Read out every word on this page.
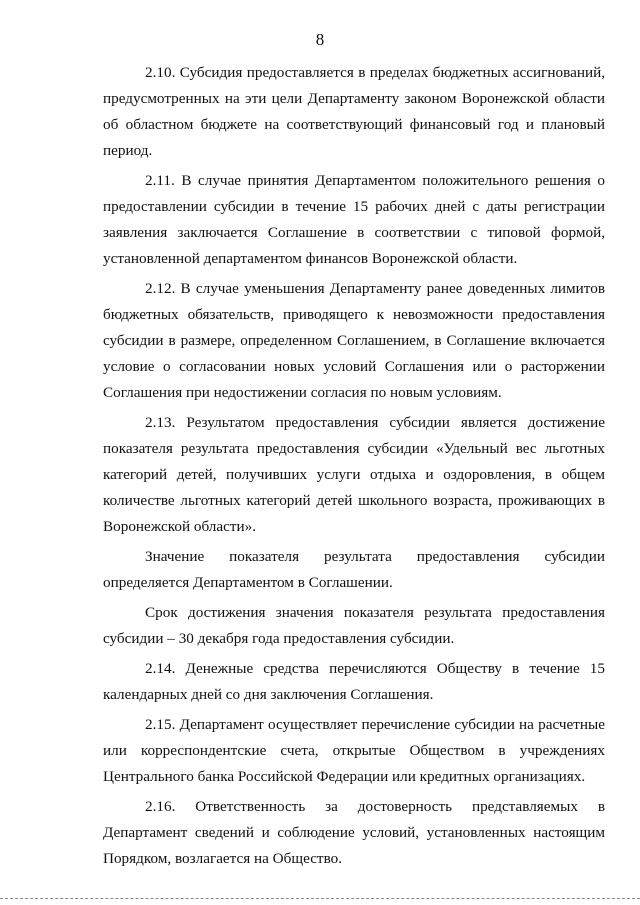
8

2.10. Субсидия предоставляется в пределах бюджетных ассигнований, предусмотренных на эти цели Департаменту законом Воронежской области об областном бюджете на соответствующий финансовый год и плановый период.

2.11. В случае принятия Департаментом положительного решения о предоставлении субсидии в течение 15 рабочих дней с даты регистрации заявления заключается Соглашение в соответствии с типовой формой, установленной департаментом финансов Воронежской области.

2.12. В случае уменьшения Департаменту ранее доведенных лимитов бюджетных обязательств, приводящего к невозможности предоставления субсидии в размере, определенном Соглашением, в Соглашение включается условие о согласовании новых условий Соглашения или о расторжении Соглашения при недостижении согласия по новым условиям.

2.13. Результатом предоставления субсидии является достижение показателя результата предоставления субсидии «Удельный вес льготных категорий детей, получивших услуги отдыха и оздоровления, в общем количестве льготных категорий детей школьного возраста, проживающих в Воронежской области».

Значение показателя результата предоставления субсидии определяется Департаментом в Соглашении.

Срок достижения значения показателя результата предоставления субсидии – 30 декабря года предоставления субсидии.

2.14. Денежные средства перечисляются Обществу в течение 15 календарных дней со дня заключения Соглашения.

2.15. Департамент осуществляет перечисление субсидии на расчетные или корреспондентские счета, открытые Обществом в учреждениях Центрального банка Российской Федерации или кредитных организациях.

2.16. Ответственность за достоверность представляемых в Департамент сведений и соблюдение условий, установленных настоящим Порядком, возлагается на Общество.
